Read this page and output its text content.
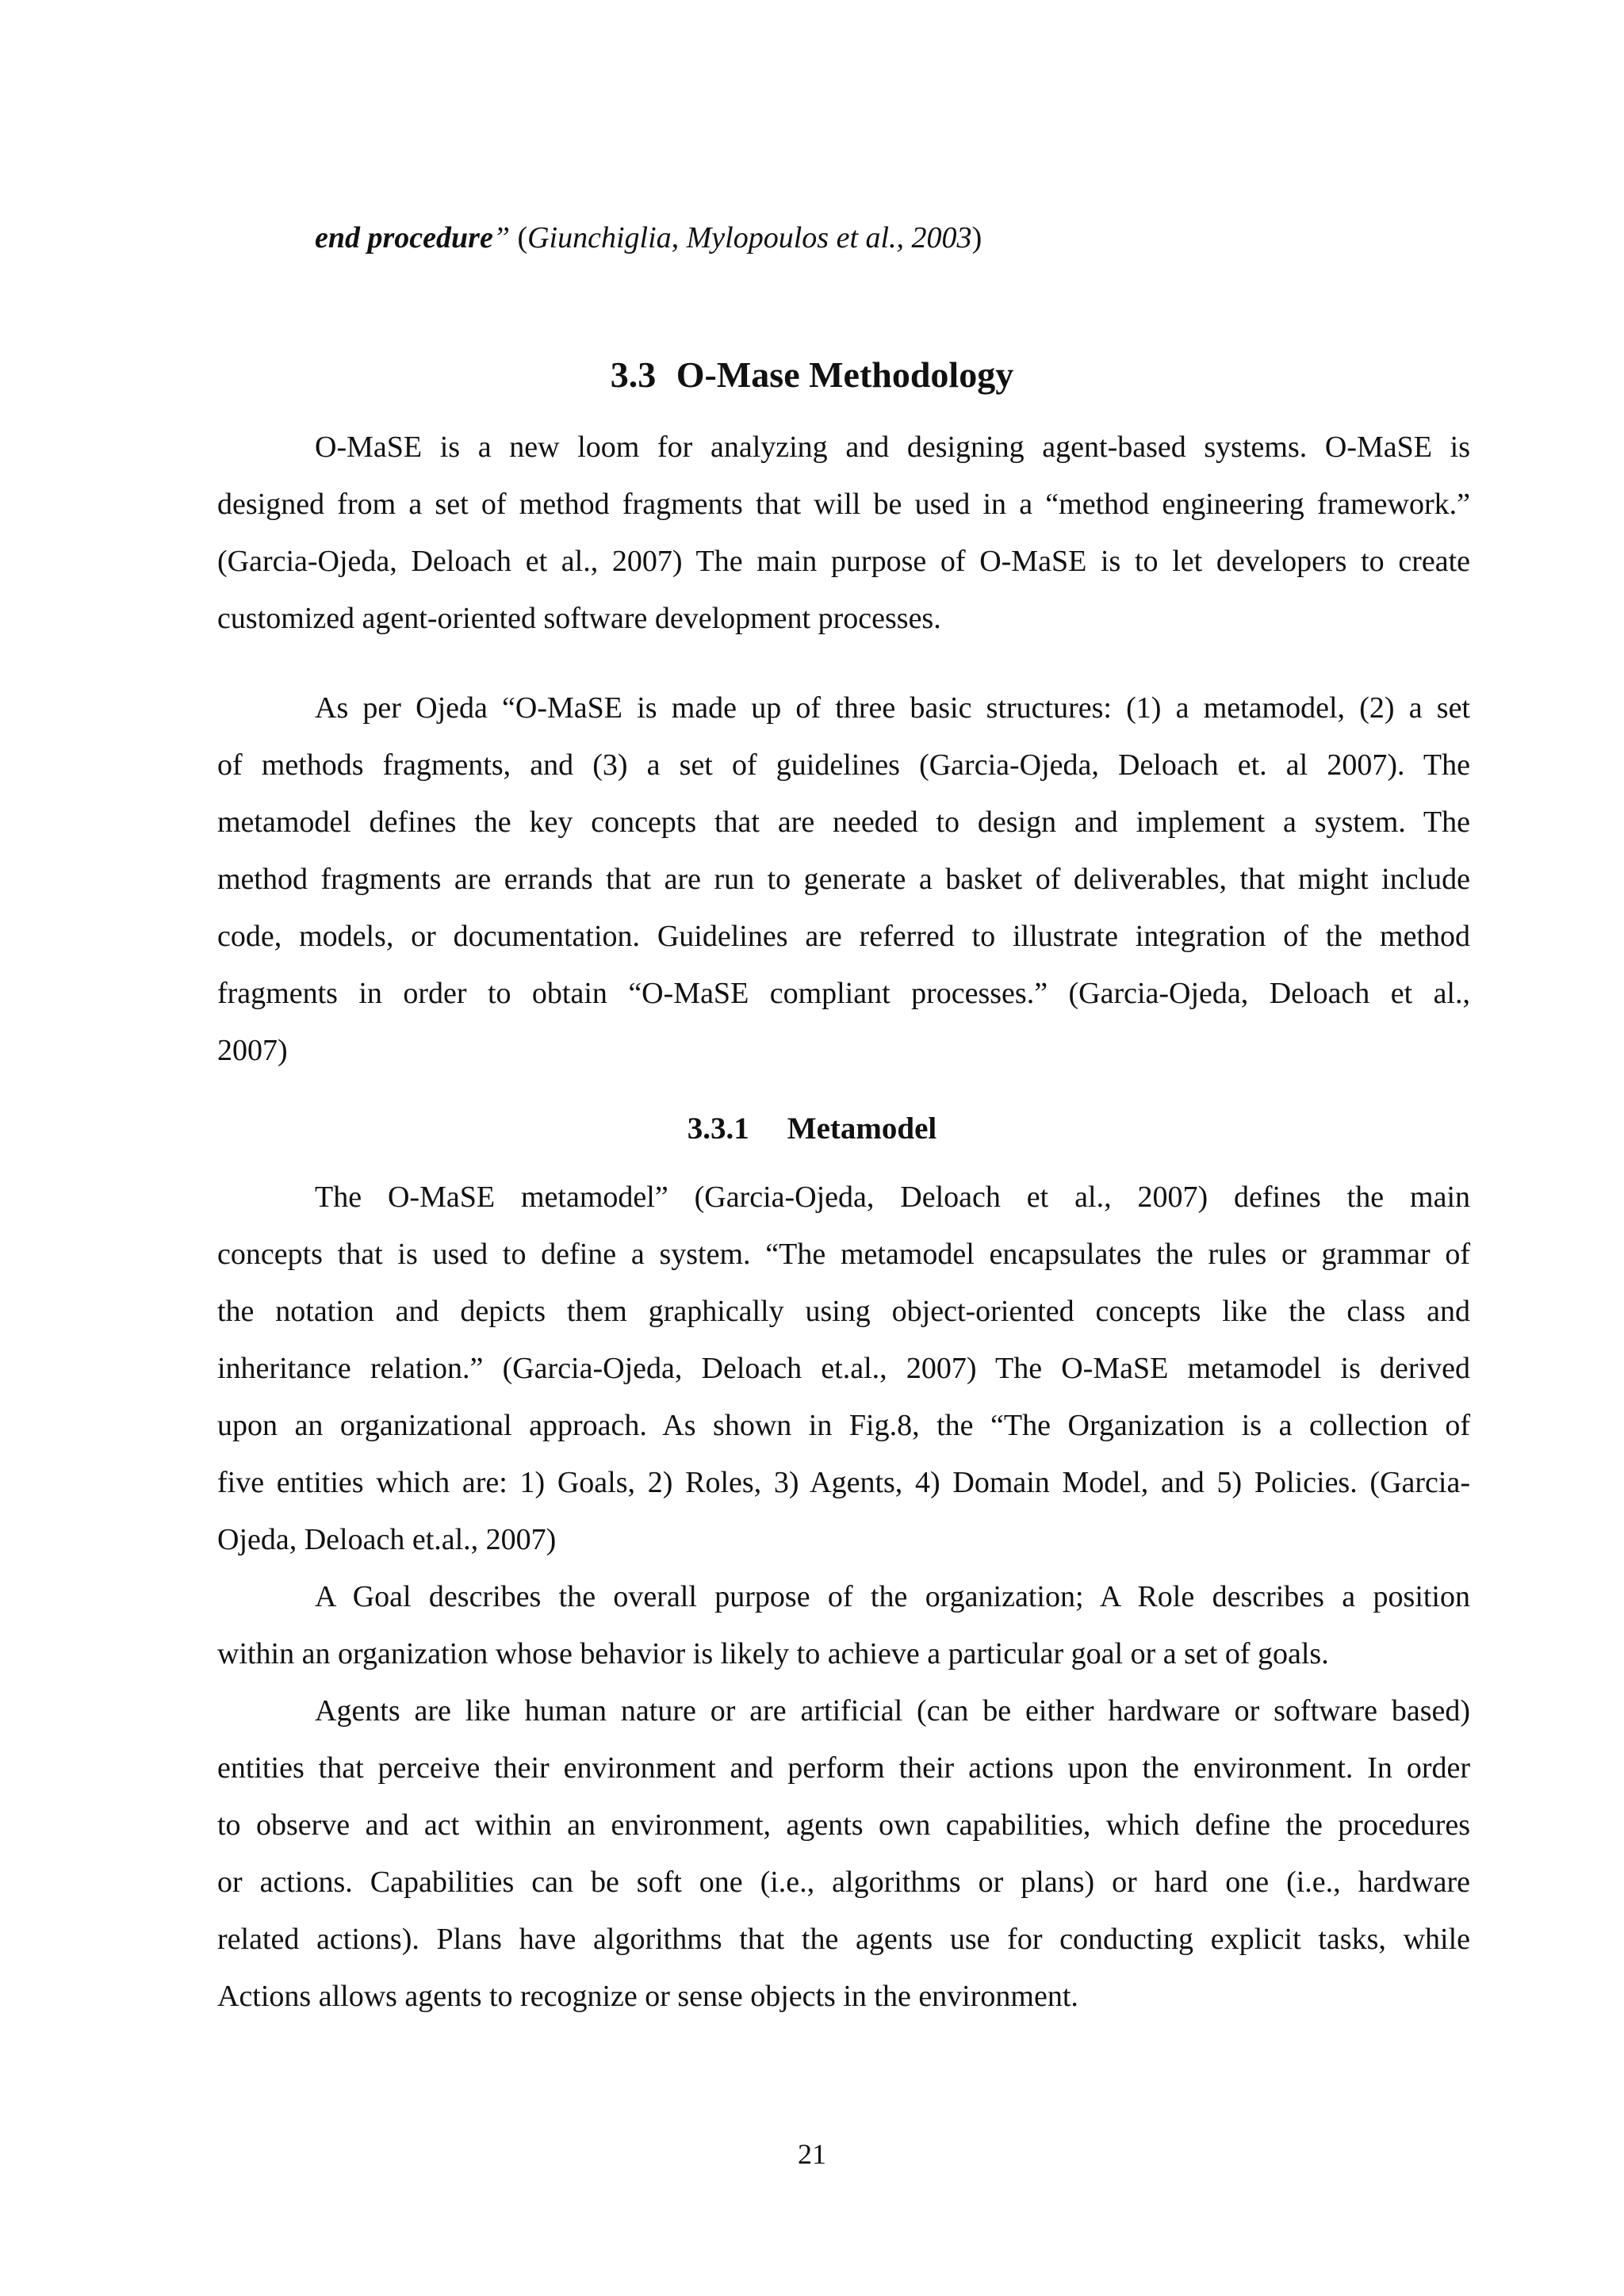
end procedure” (Giunchiglia, Mylopoulos et al., 2003)

3.3 O-Mase Methodology

O-MaSE is a new loom for analyzing and designing agent-based systems. O-MaSE is

designed from a set of method fragments that will be used in a “method engineering framework.”

(Garcia-Ojeda, Deloach et al., 2007) The main purpose of O-MaSE is to let developers to create

customized agent-oriented software development processes.

As per Ojeda “O-MaSE is made up of three basic structures: (1) a metamodel, (2) a set

of methods fragments, and (3) a set of guidelines (Garcia-Ojeda, Deloach et. al 2007). The

metamodel defines the key concepts that are needed to design and implement a system. The

method fragments are errands that are run to generate a basket of deliverables, that might include

code, models, or documentation. Guidelines are referred to illustrate integration of the method

fragments in order to obtain “O-MaSE compliant processes.” (Garcia-Ojeda, Deloach et al.,

2007)

3.3.1 Metamodel

The O-MaSE metamodel” (Garcia-Ojeda, Deloach et al., 2007) defines the main

concepts that is used to define a system. “The metamodel encapsulates the rules or grammar of

the notation and depicts them graphically using object-oriented concepts like the class and

inheritance relation.” (Garcia-Ojeda, Deloach et.al., 2007) The O-MaSE metamodel is derived

upon an organizational approach. As shown in Fig.8, the “The Organization is a collection of

five entities which are: 1) Goals, 2) Roles, 3) Agents, 4) Domain Model, and 5) Policies. (Garcia-

Ojeda, Deloach et.al., 2007)

A Goal describes the overall purpose of the organization; A Role describes a position

within an organization whose behavior is likely to achieve a particular goal or a set of goals.

Agents are like human nature or are artificial (can be either hardware or software based)

entities that perceive their environment and perform their actions upon the environment. In order

to observe and act within an environment, agents own capabilities, which define the procedures

or actions. Capabilities can be soft one (i.e., algorithms or plans) or hard one (i.e., hardware

related actions). Plans have algorithms that the agents use for conducting explicit tasks, while

Actions allows agents to recognize or sense objects in the environment.

21
